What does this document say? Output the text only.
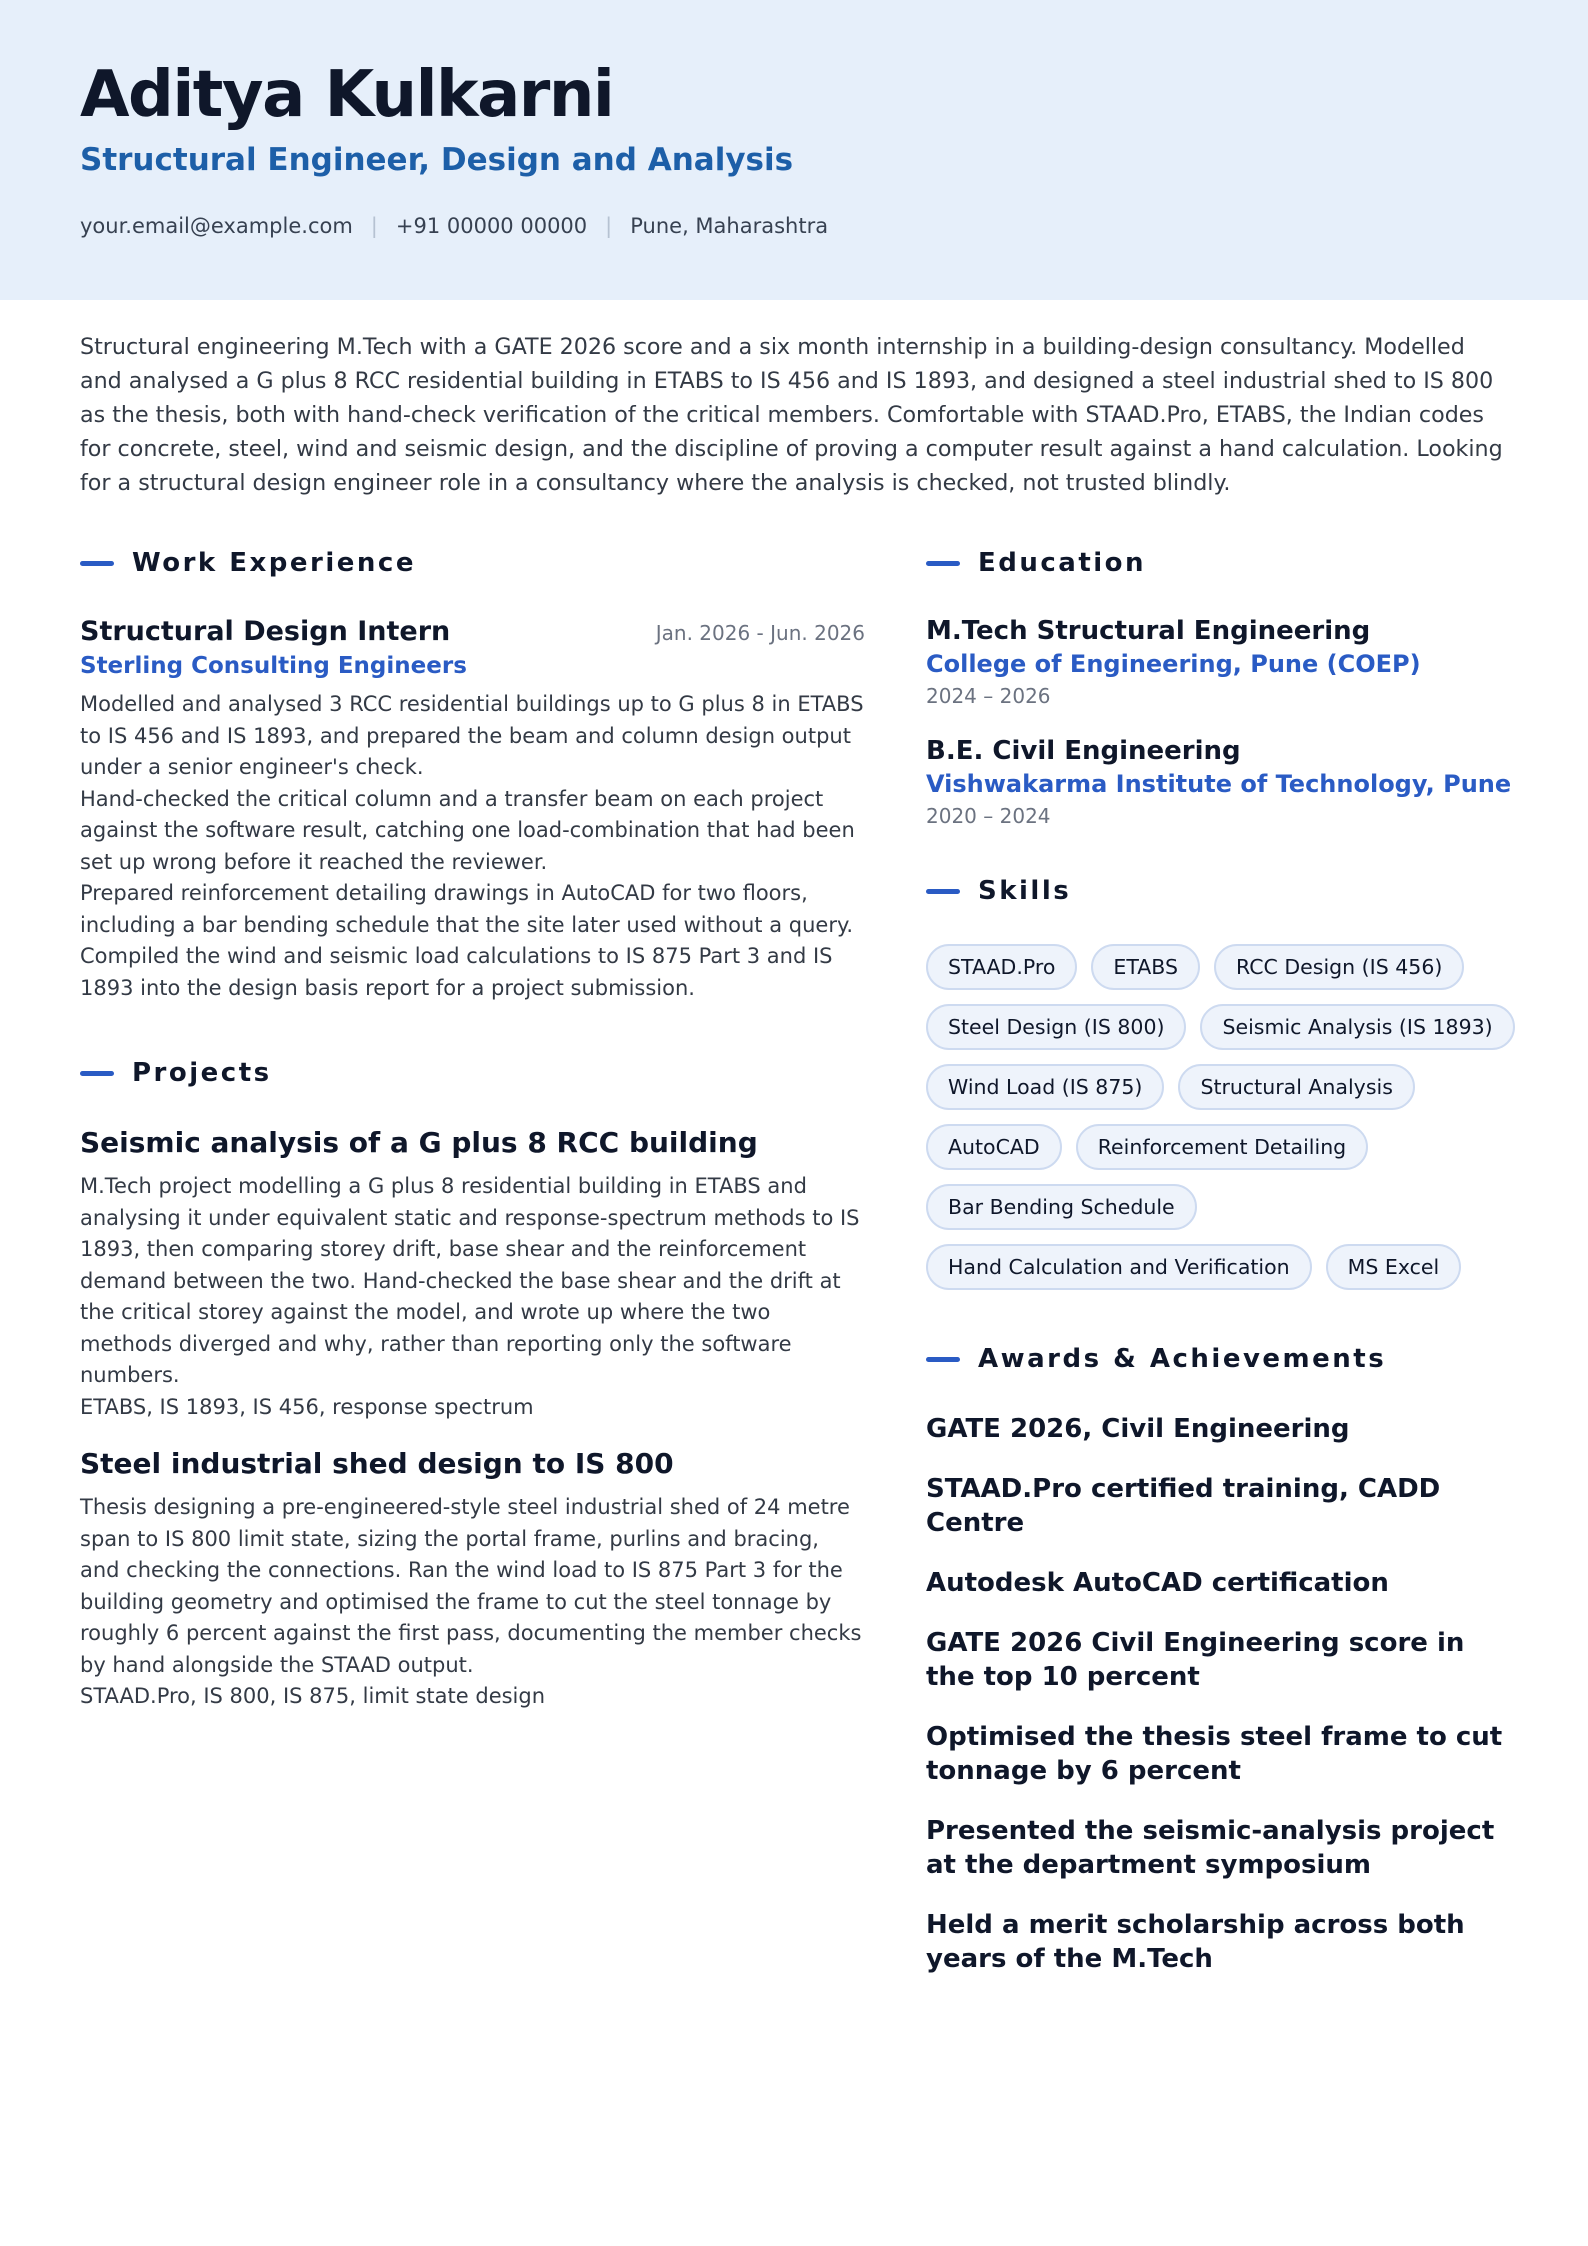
Aditya Kulkarni
Structural Engineer, Design and Analysis
your.email@example.com | +91 00000 00000 | Pune, Maharashtra

Structural engineering M.Tech with a GATE 2026 score and a six month internship in a building-design consultancy. Modelled and analysed a G plus 8 RCC residential building in ETABS to IS 456 and IS 1893, and designed a steel industrial shed to IS 800 as the thesis, both with hand-check verification of the critical members. Comfortable with STAAD.Pro, ETABS, the Indian codes for concrete, steel, wind and seismic design, and the discipline of proving a computer result against a hand calculation. Looking for a structural design engineer role in a consultancy where the analysis is checked, not trusted blindly.

Work Experience
Structural Design Intern	Jan. 2026 - Jun. 2026
Sterling Consulting Engineers
Modelled and analysed 3 RCC residential buildings up to G plus 8 in ETABS to IS 456 and IS 1893, and prepared the beam and column design output under a senior engineer's check.
Hand-checked the critical column and a transfer beam on each project against the software result, catching one load-combination that had been set up wrong before it reached the reviewer.
Prepared reinforcement detailing drawings in AutoCAD for two floors, including a bar bending schedule that the site later used without a query.
Compiled the wind and seismic load calculations to IS 875 Part 3 and IS 1893 into the design basis report for a project submission.
Projects
Seismic analysis of a G plus 8 RCC building
M.Tech project modelling a G plus 8 residential building in ETABS and analysing it under equivalent static and response-spectrum methods to IS 1893, then comparing storey drift, base shear and the reinforcement demand between the two. Hand-checked the base shear and the drift at the critical storey against the model, and wrote up where the two methods diverged and why, rather than reporting only the software numbers.
ETABS, IS 1893, IS 456, response spectrum
Steel industrial shed design to IS 800
Thesis designing a pre-engineered-style steel industrial shed of 24 metre span to IS 800 limit state, sizing the portal frame, purlins and bracing, and checking the connections. Ran the wind load to IS 875 Part 3 for the building geometry and optimised the frame to cut the steel tonnage by roughly 6 percent against the first pass, documenting the member checks by hand alongside the STAAD output.
STAAD.Pro, IS 800, IS 875, limit state design
Education
M.Tech Structural Engineering
College of Engineering, Pune (COEP)
2024 – 2026
B.E. Civil Engineering
Vishwakarma Institute of Technology, Pune
2020 – 2024
Skills
STAAD.Pro	ETABS	RCC Design (IS 456)
Steel Design (IS 800)	Seismic Analysis (IS 1893)
Wind Load (IS 875)	Structural Analysis
AutoCAD	Reinforcement Detailing
Bar Bending Schedule
Hand Calculation and Verification	MS Excel
Awards & Achievements
GATE 2026, Civil Engineering
STAAD.Pro certified training, CADD Centre
Autodesk AutoCAD certification
GATE 2026 Civil Engineering score in the top 10 percent
Optimised the thesis steel frame to cut tonnage by 6 percent
Presented the seismic-analysis project at the department symposium
Held a merit scholarship across both years of the M.Tech
